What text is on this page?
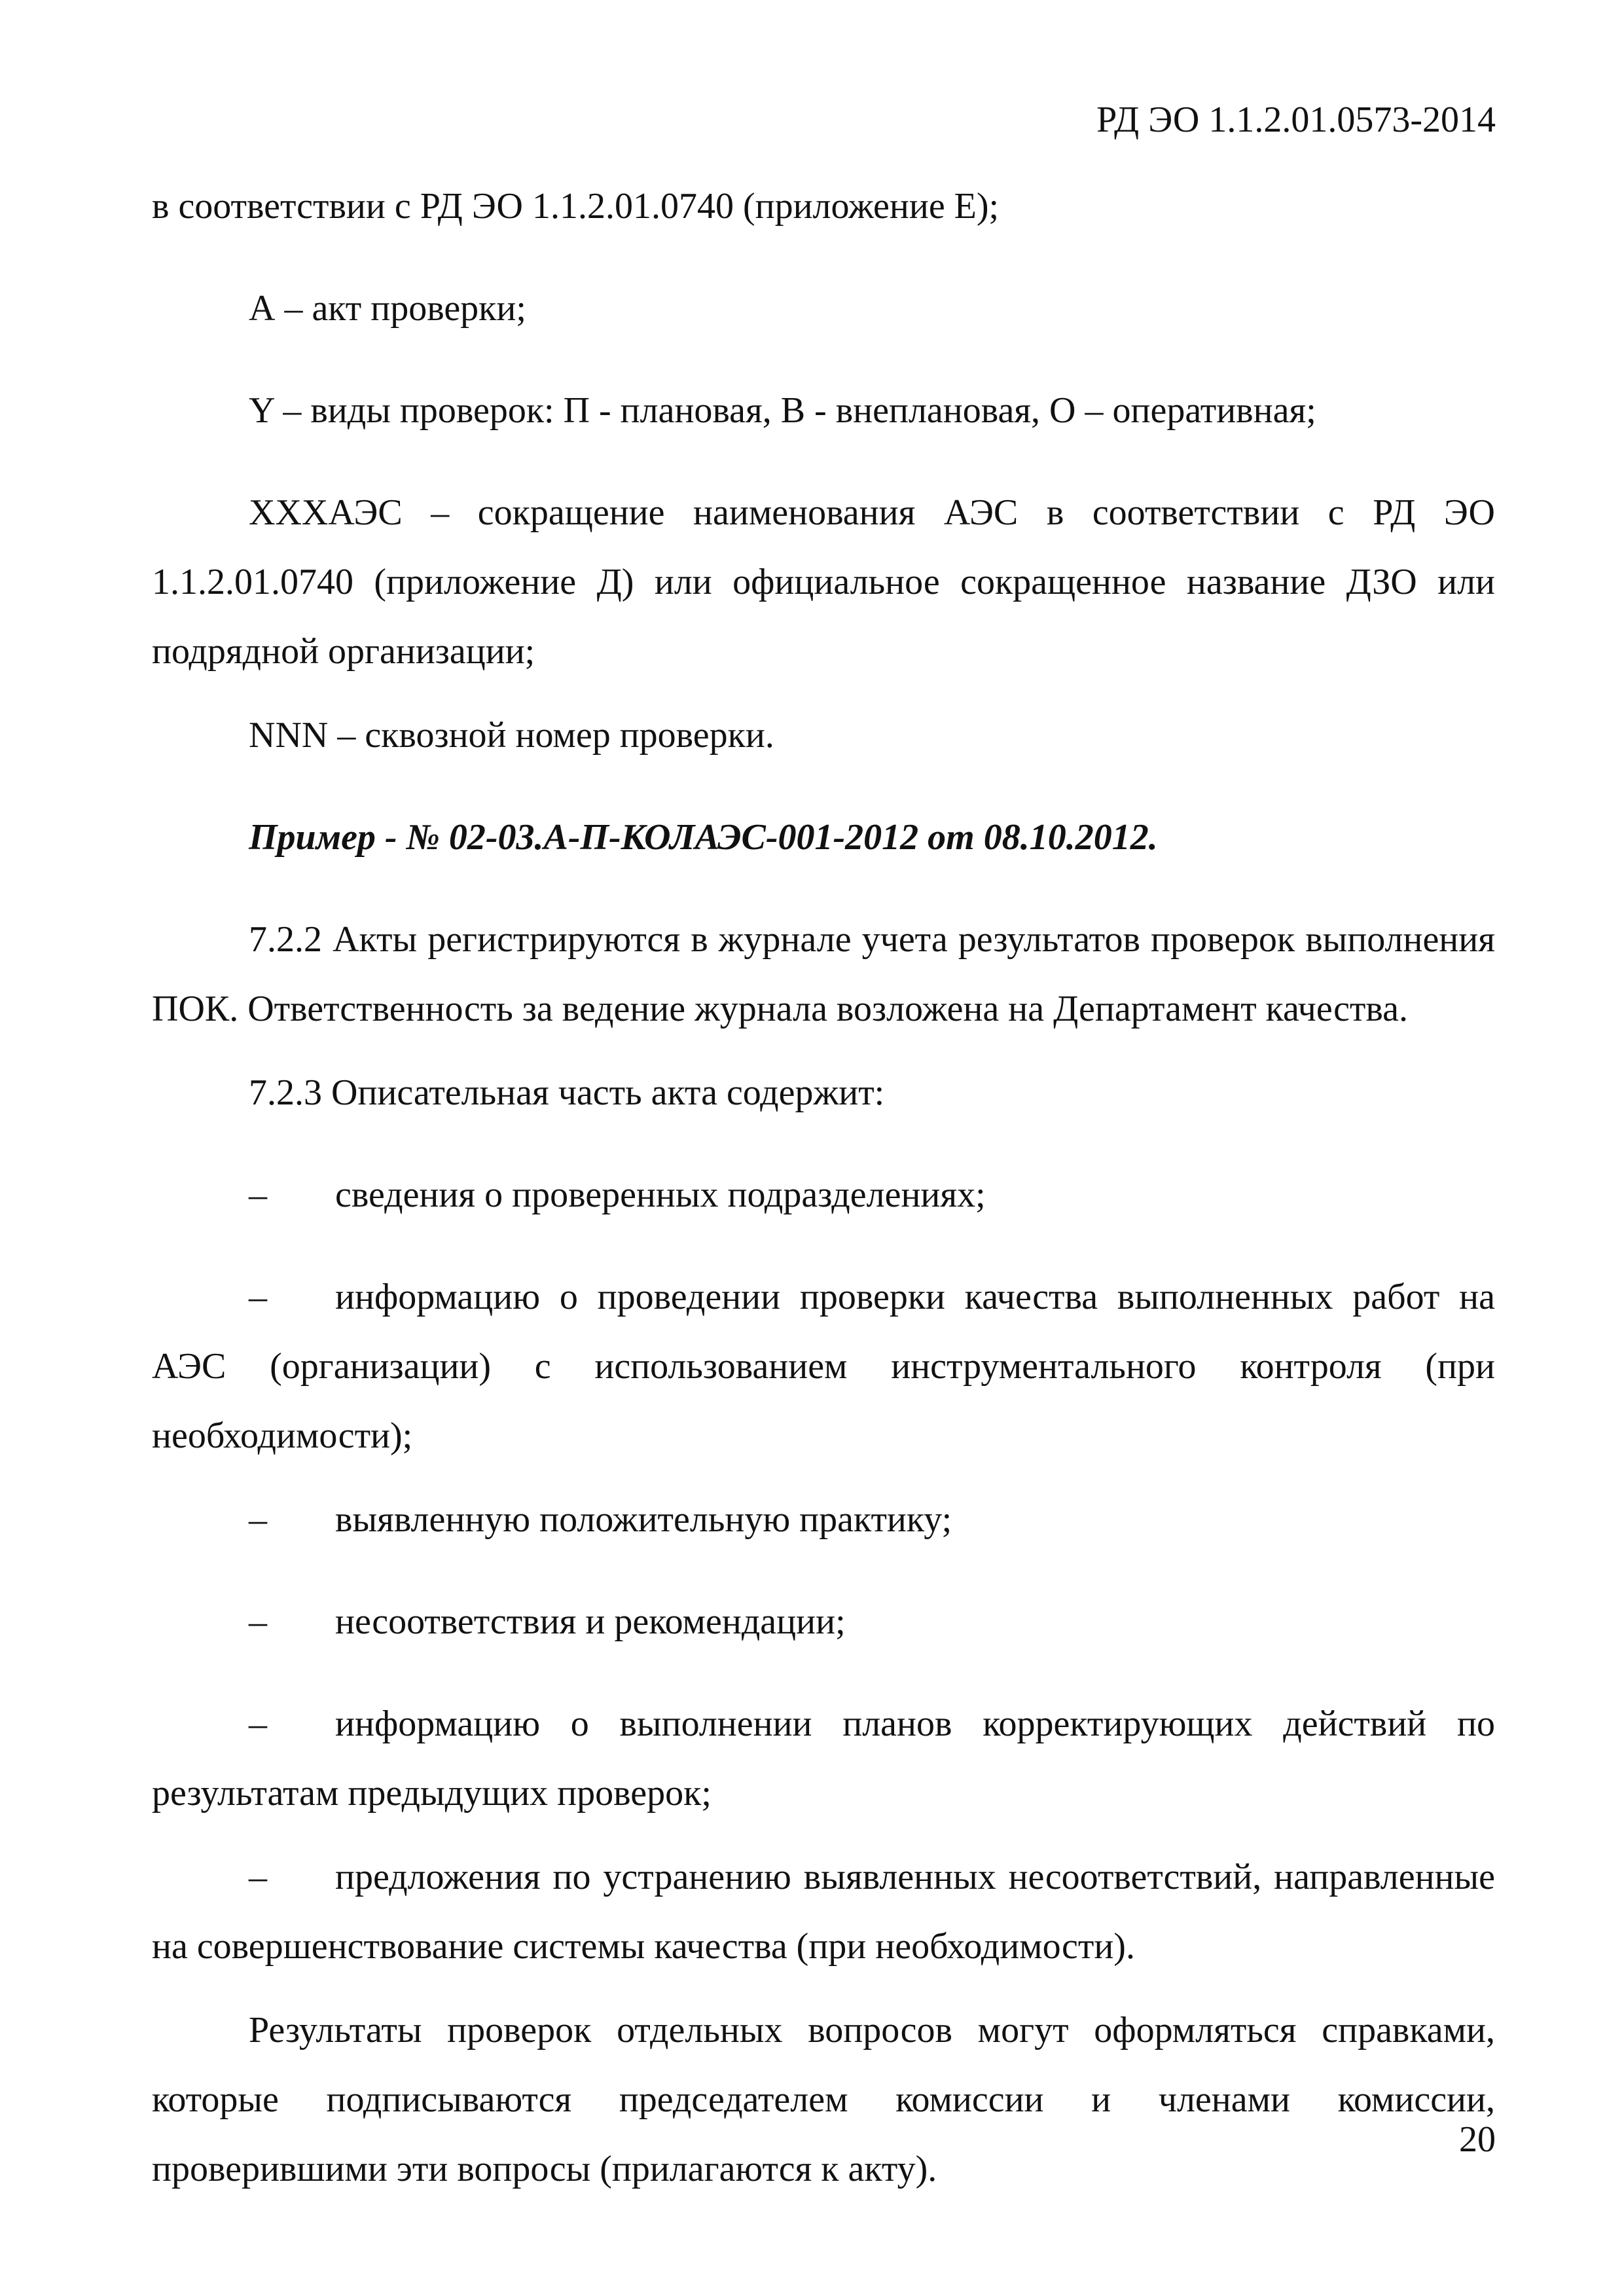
РД ЭО 1.1.2.01.0573-2014

в соответствии с РД ЭО 1.1.2.01.0740 (приложение Е);

А – акт проверки;

Y – виды проверок: П - плановая, В - внеплановая, О – оперативная;

XXXАЭС – сокращение наименования АЭС в соответствии с РД ЭО 1.1.2.01.0740 (приложение Д) или официальное сокращенное название ДЗО или подрядной организации;

NNN – сквозной номер проверки.

Пример - № 02-03.А-П-КОЛАЭС-001-2012 от 08.10.2012.

7.2.2 Акты регистрируются в журнале учета результатов проверок выполнения ПОК. Ответственность за ведение журнала возложена на Департамент качества.

7.2.3 Описательная часть акта содержит:

– сведения о проверенных подразделениях;

– информацию о проведении проверки качества выполненных работ на АЭС (организации) с использованием инструментального контроля (при необходимости);

– выявленную положительную практику;

– несоответствия и рекомендации;

– информацию о выполнении планов корректирующих действий по результатам предыдущих проверок;

– предложения по устранению выявленных несоответствий, направленные на совершенствование системы качества (при необходимости).

Результаты проверок отдельных вопросов могут оформляться справками, которые подписываются председателем комиссии и членами комиссии, проверившими эти вопросы (прилагаются к акту).

20
